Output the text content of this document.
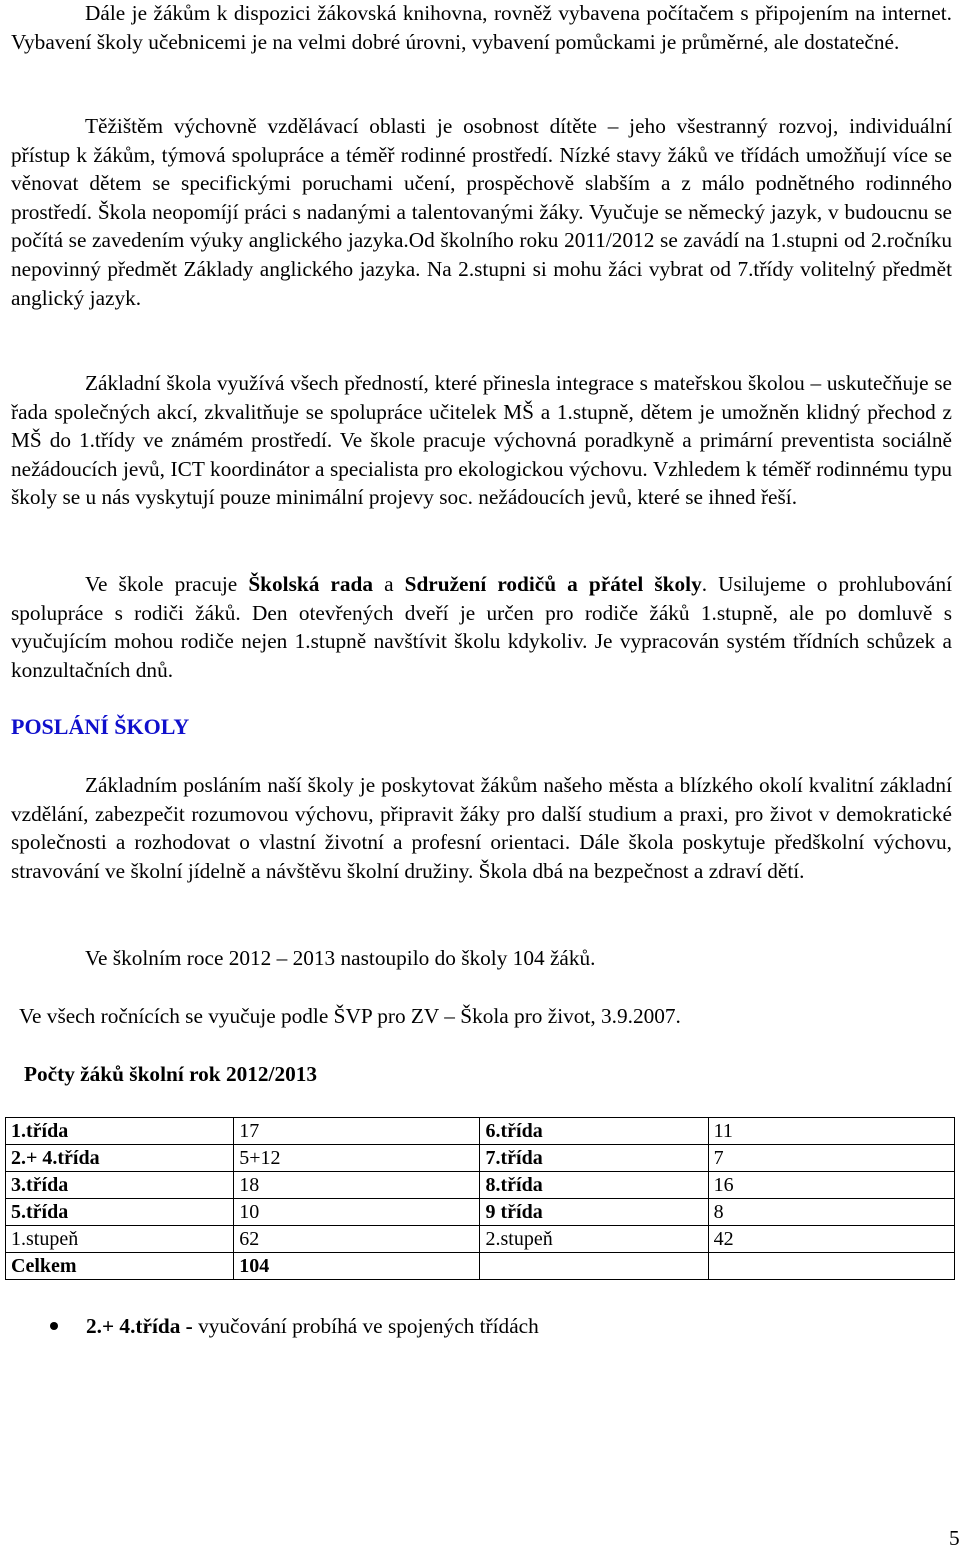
Dále je žákům k dispozici žákovská knihovna, rovněž vybavena počítačem s připojením na internet. Vybavení školy učebnicemi je na velmi dobré úrovni, vybavení pomůckami je průměrné, ale dostatečné.

Těžištěm výchovně vzdělávací oblasti je osobnost dítěte – jeho všestranný rozvoj, individuální přístup k žákům, týmová spolupráce a téměř rodinné prostředí. Nízké stavy žáků ve třídách umožňují více se věnovat dětem se specifickými poruchami učení, prospěchově slabším a z málo podnětného rodinného prostředí. Škola neopomíjí práci s nadanými a talentovanými žáky. Vyučuje se německý jazyk, v budoucnu se počítá se zavedením výuky anglického jazyka.Od školního roku 2011/2012 se zavádí na 1.stupni od 2.ročníku nepovinný předmět Základy anglického jazyka. Na 2.stupni si mohu žáci vybrat od 7.třídy volitelný předmět anglický jazyk.

Základní škola využívá všech předností, které přinesla integrace s mateřskou školou – uskutečňuje se řada společných akcí, zkvalitňuje se spolupráce učitelek MŠ a 1.stupně, dětem je umožněn klidný přechod z MŠ do 1.třídy ve známém prostředí. Ve škole pracuje výchovná poradkyně a primární preventista sociálně nežádoucích jevů, ICT koordinátor a specialista pro ekologickou výchovu. Vzhledem k téměř rodinnému typu školy se u nás vyskytují pouze minimální projevy soc. nežádoucích jevů, které se ihned řeší.

Ve škole pracuje Školská rada a Sdružení rodičů a přátel školy. Usilujeme o prohlubování spolupráce s rodiči žáků. Den otevřených dveří je určen pro rodiče žáků 1.stupně, ale po domluvě s vyučujícím mohou rodiče nejen 1.stupně navštívit školu kdykoliv. Je vypracován systém třídních schůzek a konzultačních dnů.

POSLÁNÍ ŠKOLY

Základním posláním naší školy je poskytovat žákům našeho města a blízkého okolí kvalitní základní vzdělání, zabezpečit rozumovou výchovu, připravit žáky pro další studium a praxi, pro život v demokratické společnosti a rozhodovat o vlastní životní a profesní orientaci. Dále škola poskytuje předškolní výchovu, stravování ve školní jídelně a návštěvu školní družiny. Škola dbá na bezpečnost a zdraví dětí.

Ve školním roce 2012 – 2013 nastoupilo do školy 104 žáků.
Ve všech ročnících se vyučuje podle ŠVP pro ZV – Škola pro život, 3.9.2007.
Počty žáků školní rok 2012/2013
1.třída	17	6.třída	11
2.+ 4.třída	5+12	7.třída	7
3.třída	18	8.třída	16
5.třída	10	9 třída	8
1.stupeň	62	2.stupeň	42
Celkem	104		
2.+ 4.třída - vyučování probíhá ve spojených třídách
5
